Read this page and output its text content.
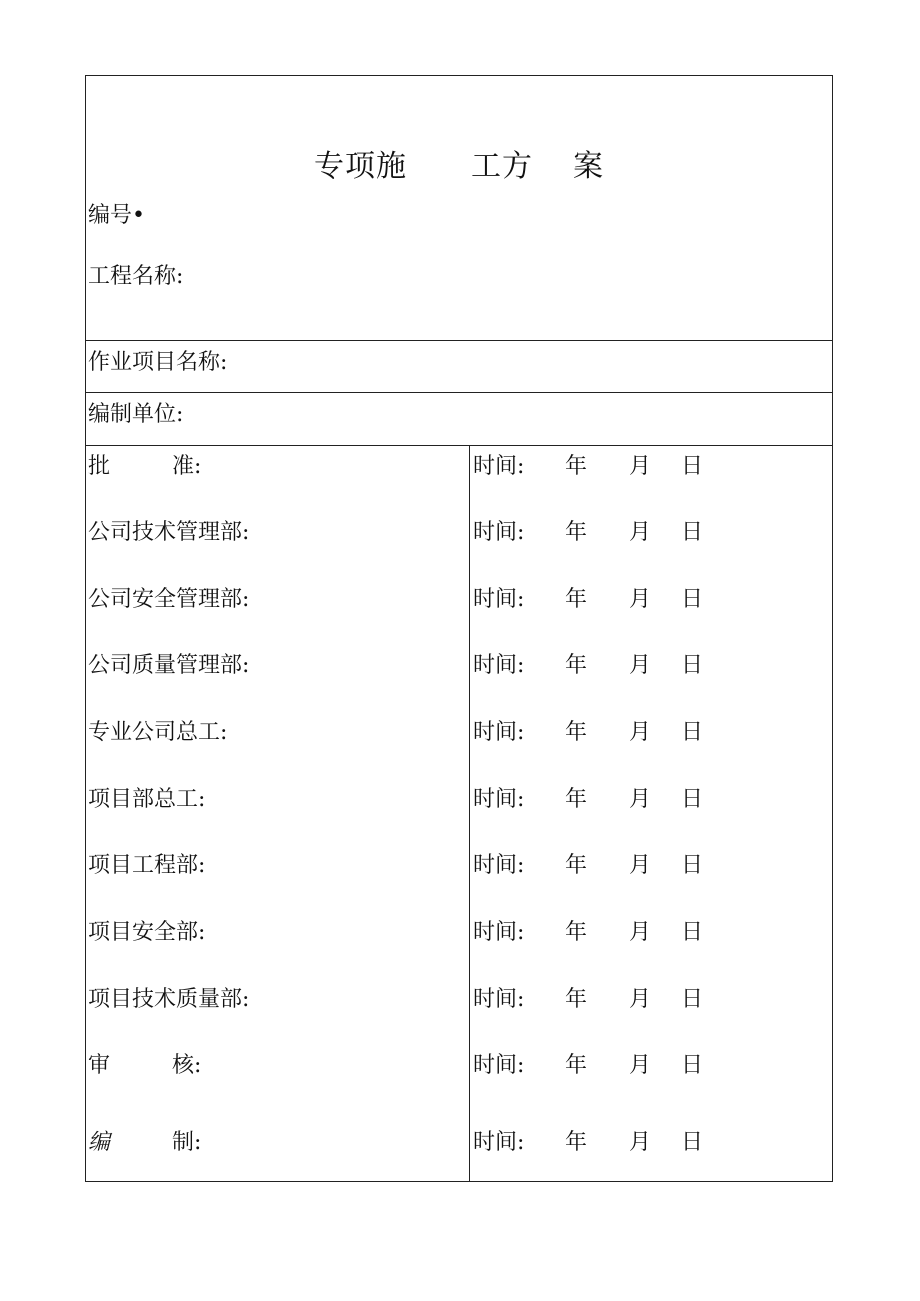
专项施 工方 案
编号•
工程名称:
作业项目名称:
编制单位:
批	准:	时间: 年 月 日
公司技术管理部:	时间: 年 月 日
公司安全管理部:	时间: 年 月 日
公司质量管理部:	时间: 年 月 日
专业公司总工:	时间: 年 月 日
项目部总工:	时间: 年 月 日
项目工程部:	时间: 年 月 日
项目安全部:	时间: 年 月 日
项目技术质量部:	时间: 年 月 日
审	核:	时间: 年 月 日
编	制:	时间: 年 月 日
